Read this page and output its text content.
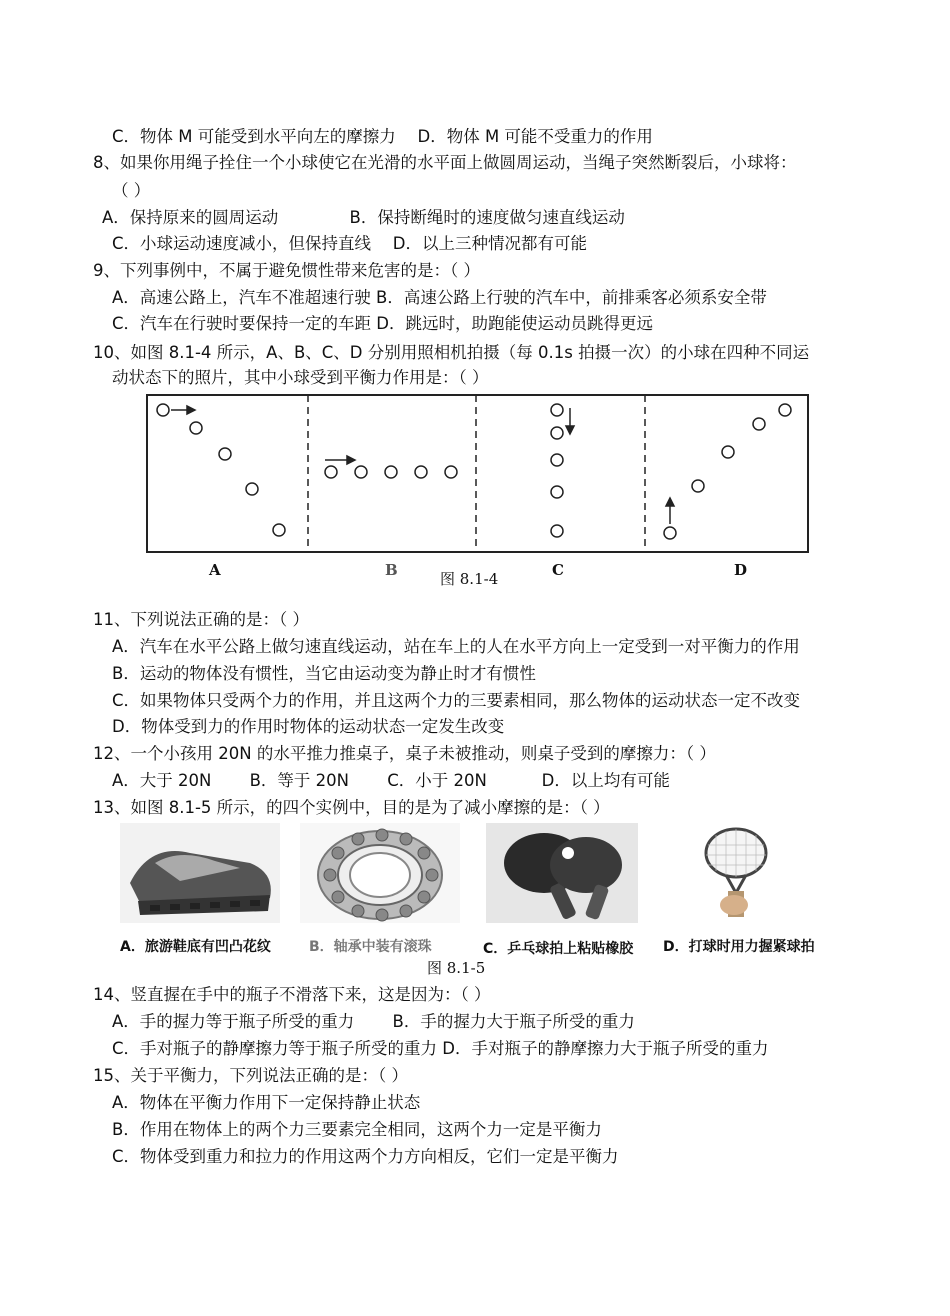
C．物体 M 可能受到水平向左的摩擦力　 D．物体 M 可能不受重力的作用
8、如果你用绳子拴住一个小球使它在光滑的水平面上做圆周运动，当绳子突然断裂后，小球将：
（ ）
A．保持原来的圆周运动　　　　 B．保持断绳时的速度做匀速直线运动
C．小球运动速度减小，但保持直线　 D．以上三种情况都有可能
9、下列事例中，不属于避免惯性带来危害的是：（ ）
A．高速公路上，汽车不准超速行驶 B．高速公路上行驶的汽车中，前排乘客必须系安全带
C．汽车在行驶时要保持一定的车距 D．跳远时，助跑能使运动员跳得更远
10、如图 8.1-4 所示，A、B、C、D 分别用照相机拍摄（每 0.1s 拍摄一次）的小球在四种不同运
动状态下的照片，其中小球受到平衡力作用是：（ ）
A	B	图 8.1-4	C	D
11、下列说法正确的是：（ ）
A．汽车在水平公路上做匀速直线运动，站在车上的人在水平方向上一定受到一对平衡力的作用
B．运动的物体没有惯性，当它由运动变为静止时才有惯性
C．如果物体只受两个力的作用，并且这两个力的三要素相同，那么物体的运动状态一定不改变
D．物体受到力的作用时物体的运动状态一定发生改变
12、一个小孩用 20N 的水平推力推桌子，桌子未被推动，则桌子受到的摩擦力：（ ）
A．大于 20N　　 B．等于 20N　　 C．小于 20N　　　 D．以上均有可能
13、如图 8.1-5 所示，的四个实例中，目的是为了减小摩擦的是：（ ）
A．旅游鞋底有凹凸花纹	B．轴承中装有滚珠	C．乒乓球拍上粘贴橡胶 D．打球时用力握紧球拍
图 8.1-5
14、竖直握在手中的瓶子不滑落下来，这是因为：（ ）
A．手的握力等于瓶子所受的重力　　 B．手的握力大于瓶子所受的重力
C．手对瓶子的静摩擦力等于瓶子所受的重力 D．手对瓶子的静摩擦力大于瓶子所受的重力
15、关于平衡力，下列说法正确的是：（ ）
A．物体在平衡力作用下一定保持静止状态
B．作用在物体上的两个力三要素完全相同，这两个力一定是平衡力
C．物体受到重力和拉力的作用这两个力方向相反，它们一定是平衡力
